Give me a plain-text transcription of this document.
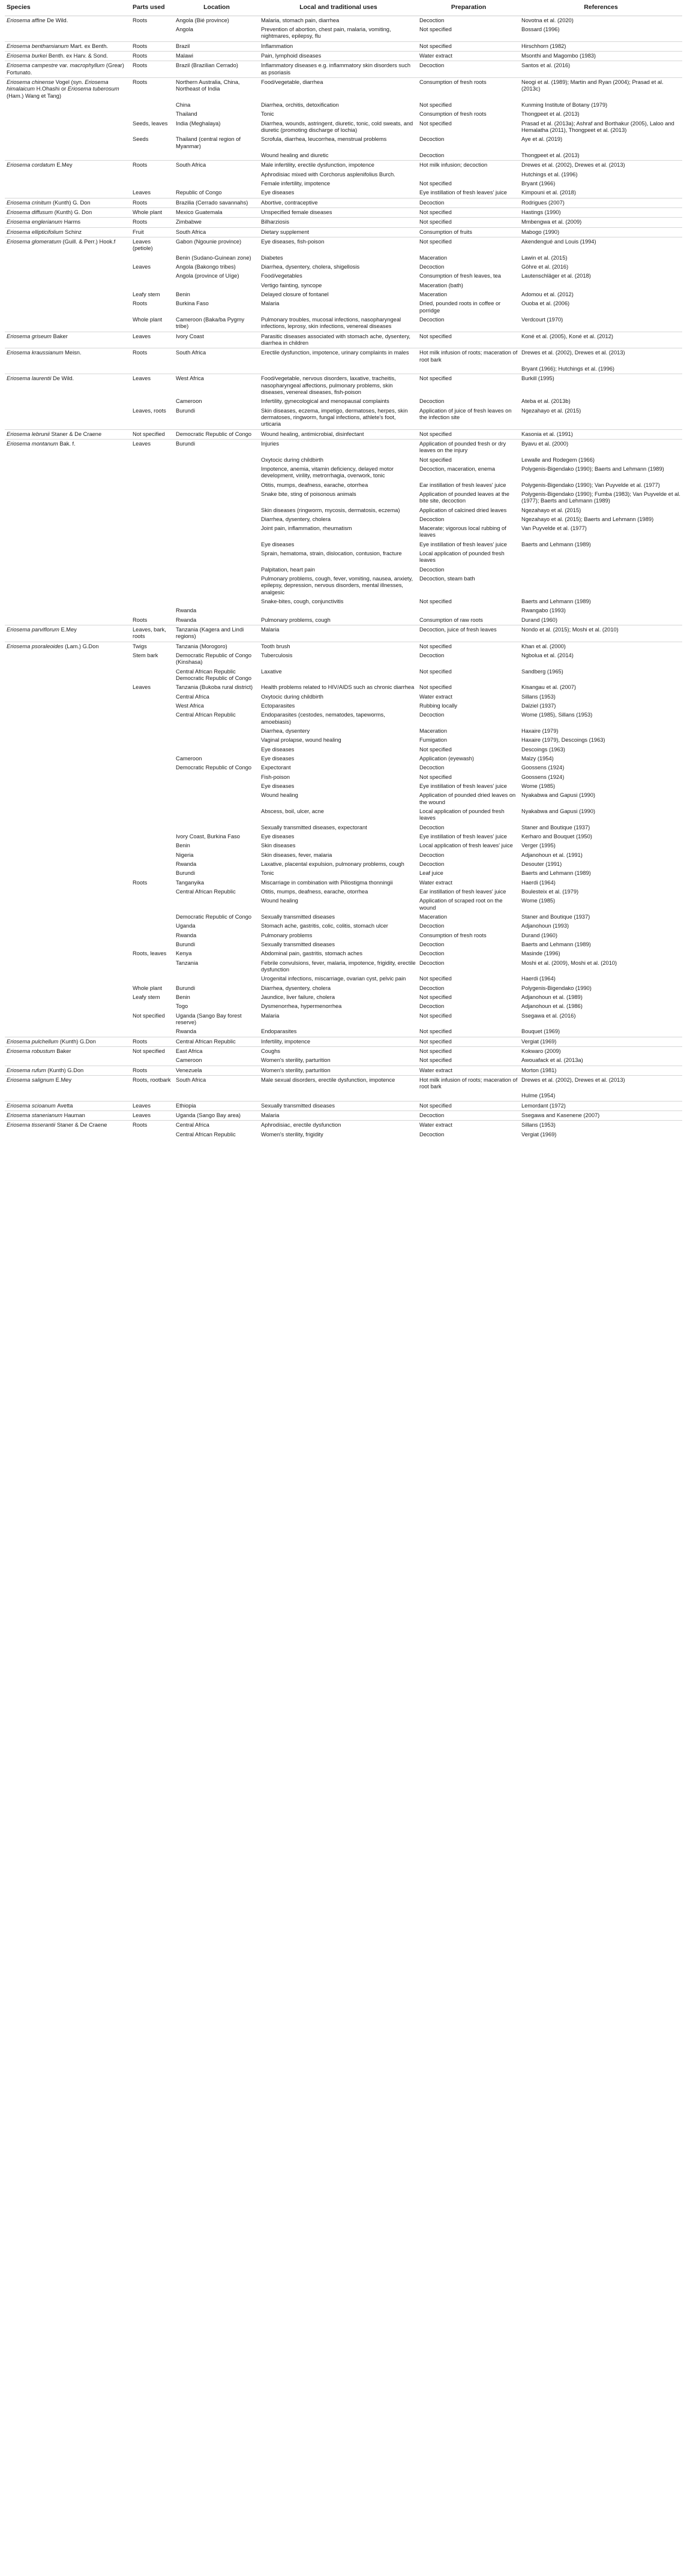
Species	Parts used	Location	Local and traditional uses	Preparation	References
Eriosema affine De Wild.	Roots	Angola (Bié province)	Malaria, stomach pain, diarrhea	Decoction	Novotna et al. (2020)
		Angola	Prevention of abortion, chest pain, malaria, vomiting, nightmares, epilepsy, flu	Not specified	Bossard (1996)
Eriosema benthamianum Mart. ex Benth.	Roots	Brazil	Inflammation	Not specified	Hirschhorn (1982)
Eriosema burkei Benth. ex Harv. & Sond.	Roots	Malawi	Pain, lymphoid diseases	Water extract	Msonthi and Magombo (1983)
Eriosema campestre var. macrophyllum (Grear) Fortunato.	Roots	Brazil (Brazilian Cerrado)	Inflammatory diseases e.g. inflammatory skin disorders such as psoriasis	Decoction	Santos et al. (2016)
Eriosema chinense Vogel (syn. Eriosema himalaicum H.Ohashi or Eriosema tuberosum (Ham.) Wang et Tang)	Roots	Northern Australia, China, Northeast of India	Food/vegetable, diarrhea	Consumption of fresh roots	Neogi et al. (1989); Martin and Ryan (2004); Prasad et al. (2013c)
		China	Diarrhea, orchitis, detoxification	Not specified	Kunming Institute of Botany (1979)
		Thailand	Tonic	Consumption of fresh roots	Thongpeet et al. (2013)
	Seeds, leaves	India (Meghalaya)	Diarrhea, wounds, astringent, diuretic, tonic, cold sweats, and diuretic (promoting discharge of lochia)	Not specified	Prasad et al. (2013a); Ashraf and Borthakur (2005), Laloo and Hemalatha (2011), Thongpeet et al. (2013)
	Seeds	Thailand (central region of Myanmar)	Scrofula, diarrhea, leucorrhea, menstrual problems	Decoction	Aye et al. (2019)
			Wound healing and diuretic	Decoction	Thongpeet et al. (2013)
Eriosema cordatum E.Mey	Roots	South Africa	Male infertility, erectile dysfunction, impotence	Hot milk infusion; decoction	Drewes et al. (2002), Drewes et al. (2013)
			Aphrodisiac mixed with Corchorus asplenifolius Burch.		Hutchings et al. (1996)
			Female infertility, impotence	Not specified	Bryant (1966)
	Leaves	Republic of Congo	Eye diseases	Eye instillation of fresh leaves' juice	Kimpouni et al. (2018)
Eriosema crinitum (Kunth) G. Don	Roots	Brazilia (Cerrado savannahs)	Abortive, contraceptive	Decoction	Rodrigues (2007)
Eriosema diffusum (Kunth) G. Don	Whole plant	Mexico Guatemala	Unspecified female diseases	Not specified	Hastings (1990)
Eriosema englerianum Harms	Roots	Zimbabwe	Bilharziosis	Not specified	Mmbengwa et al. (2009)
Eriosema ellipticifolium Schinz	Fruit	South Africa	Dietary supplement	Consumption of fruits	Mabogo (1990)
Eriosema glomeratum (Guill. & Perr.) Hook.f	Leaves (petiole)	Gabon (Ngounie province)	Eye diseases, fish-poison	Not specified	Akendengué and Louis (1994)
		Benin (Sudano-Guinean zone)	Diabetes	Maceration	Lawin et al. (2015)
	Leaves	Angola (Bakongo tribes)	Diarrhea, dysentery, cholera, shigellosis	Decoction	Göhre et al. (2016)
		Angola (province of Uíge)	Food/vegetables	Consumption of fresh leaves, tea	Lautenschläger et al. (2018)
			Vertigo fainting, syncope	Maceration (bath)	
	Leafy stem	Benin	Delayed closure of fontanel	Maceration	Adomou et al. (2012)
	Roots	Burkina Faso	Malaria	Dried, pounded roots in coffee or porridge	Ouoba et al. (2006)
	Whole plant	Cameroon (Baka/ba Pygmy tribe)	Pulmonary troubles, mucosal infections, nasopharyngeal infections, leprosy, skin infections, venereal diseases	Decoction	Verdcourt (1970)
Eriosema griseum Baker	Leaves	Ivory Coast	Parasitic diseases associated with stomach ache, dysentery, diarrhea in children	Not specified	Koné et al. (2005), Koné et al. (2012)
Eriosema kraussianum Meisn.	Roots	South Africa	Erectile dysfunction, impotence, urinary complaints in males	Hot milk infusion of roots; maceration of root bark	Drewes et al. (2002), Drewes et al. (2013)
					Bryant (1966); Hutchings et al. (1996)
Eriosema laurentii De Wild.	Leaves	West Africa	Food/vegetable, nervous disorders, laxative, tracheitis, nasopharyngeal affections, pulmonary problems, skin diseases, venereal diseases, fish-poison	Not specified	Burkill (1995)
		Cameroon	Infertility, gynecological and menopausal complaints	Decoction	Ateba et al. (2013b)
	Leaves, roots	Burundi	Skin diseases, eczema, impetigo, dermatoses, herpes, skin dermatoses, ringworm, fungal infections, athlete's foot, urticaria	Application of juice of fresh leaves on the infection site	Ngezahayo et al. (2015)
Eriosema lebrunii Staner & De Craene	Not specified	Democratic Republic of Congo	Wound healing, antimicrobial, disinfectant	Not specified	Kasonia et al. (1991)
Eriosema montanum Bak. f.	Leaves	Burundi	Injuries	Application of pounded fresh or dry leaves on the injury	Byavu et al. (2000)
			Oxytocic during childbirth	Not specified	Lewalle and Rodegem (1966)
			Impotence, anemia, vitamin deficiency, delayed motor development, virility, metrorrhagia, overwork, tonic	Decoction, maceration, enema	Polygenis-Bigendako (1990); Baerts and Lehmann (1989)
			Otitis, mumps, deafness, earache, otorrhea	Ear instillation of fresh leaves' juice	Polygenis-Bigendako (1990); Van Puyvelde et al. (1977)
			Snake bite, sting of poisonous animals	Application of pounded leaves at the bite site, decoction	Polygenis-Bigendako (1990); Fumba (1983); Van Puyvelde et al. (1977); Baerts and Lehmann (1989)
			Skin diseases (ringworm, mycosis, dermatosis, eczema)	Application of calcined dried leaves	Ngezahayo et al. (2015)
			Diarrhea, dysentery, cholera	Decoction	Ngezahayo et al. (2015); Baerts and Lehmann (1989)
			Joint pain, inflammation, rheumatism	Macerate; vigorous local rubbing of leaves	Van Puyvelde et al. (1977)
			Eye diseases	Eye instillation of fresh leaves' juice	Baerts and Lehmann (1989)
			Sprain, hematoma, strain, dislocation, contusion, fracture	Local application of pounded fresh leaves	
			Palpitation, heart pain	Decoction	
			Pulmonary problems, cough, fever, vomiting, nausea, anxiety, epilepsy, depression, nervous disorders, mental illnesses, analgesic	Decoction, steam bath	
			Snake-bites, cough, conjunctivitis	Not specified	Baerts and Lehmann (1989)
		Rwanda			Rwangabo (1993)
	Roots	Rwanda	Pulmonary problems, cough	Consumption of raw roots	Durand (1960)
Eriosema parviflorum E.Mey	Leaves, bark, roots	Tanzania (Kagera and Lindi regions)	Malaria	Decoction, juice of fresh leaves	Nondo et al. (2015); Moshi et al. (2010)
Eriosema psoraleoides (Lam.) G.Don	Twigs	Tanzania (Morogoro)	Tooth brush	Not specified	Khan et al. (2000)
	Stem bark	Democratic Republic of Congo (Kinshasa)	Tuberculosis	Decoction	Ngbolua et al. (2014)
		Central African Republic Democratic Republic of Congo	Laxative	Not specified	Sandberg (1965)
	Leaves	Tanzania (Bukoba rural district)	Health problems related to HIV/AIDS such as chronic diarrhea	Not specified	Kisangau et al. (2007)
		Central Africa	Oxytocic during childbirth	Water extract	Sillans (1953)
		West Africa	Ectoparasites	Rubbing locally	Dalziel (1937)
		Central African Republic	Endoparasites (cestodes, nematodes, tapeworms, amoebiasis)	Decoction	Wome (1985), Sillans (1953)
			Diarrhea, dysentery	Maceration	Haxaire (1979)
			Vaginal prolapse, wound healing	Fumigation	Haxaire (1979), Descoings (1963)
			Eye diseases	Not specified	Descoings (1963)
		Cameroon	Eye diseases	Application (eyewash)	Malzy (1954)
		Democratic Republic of Congo	Expectorant	Decoction	Goossens (1924)
			Fish-poison	Not specified	Goossens (1924)
			Eye diseases	Eye instillation of fresh leaves' juice	Wome (1985)
			Wound healing	Application of pounded dried leaves on the wound	Nyakabwa and Gapusi (1990)
			Abscess, boil, ulcer, acne	Local application of pounded fresh leaves	Nyakabwa and Gapusi (1990)
			Sexually transmitted diseases, expectorant	Decoction	Staner and Boutique (1937)
		Ivory Coast, Burkina Faso	Eye diseases	Eye instillation of fresh leaves' juice	Kerharo and Bouquet (1950)
		Benin	Skin diseases	Local application of fresh leaves' juice	Verger (1995)
		Nigeria	Skin diseases, fever, malaria	Decoction	Adjanohoun et al. (1991)
		Rwanda	Laxative, placental expulsion, pulmonary problems, cough	Decoction	Desouter (1991)
		Burundi	Tonic	Leaf juice	Baerts and Lehmann (1989)
	Roots	Tanganyika	Miscarriage in combination with Piliostigma thonningii	Water extract	Haerdi (1964)
		Central African Republic	Otitis, mumps, deafness, earache, otorrhea	Ear instillation of fresh leaves' juice	Boulesteix et al. (1979)
			Wound healing	Application of scraped root on the wound	Wome (1985)
		Democratic Republic of Congo	Sexually transmitted diseases	Maceration	Staner and Boutique (1937)
		Uganda	Stomach ache, gastritis, colic, colitis, stomach ulcer	Decoction	Adjanohoun (1993)
		Rwanda	Pulmonary problems	Consumption of fresh roots	Durand (1960)
		Burundi	Sexually transmitted diseases	Decoction	Baerts and Lehmann (1989)
	Roots, leaves	Kenya	Abdominal pain, gastritis, stomach aches	Decoction	Masinde (1996)
		Tanzania	Febrile convulsions, fever, malaria, impotence, frigidity, erectile dysfunction	Decoction	Moshi et al. (2009), Moshi et al. (2010)
			Urogenital infections, miscarriage, ovarian cyst, pelvic pain	Not specified	Haerdi (1964)
	Whole plant	Burundi	Diarrhea, dysentery, cholera	Decoction	Polygenis-Bigendako (1990)
	Leafy stem	Benin	Jaundice, liver failure, cholera	Not specified	Adjanohoun et al. (1989)
		Togo	Dysmenorrhea, hypermenorrhea	Decoction	Adjanohoun et al. (1986)
	Not specified	Uganda (Sango Bay forest reserve)	Malaria	Not specified	Ssegawa et al. (2016)
		Rwanda	Endoparasites	Not specified	Bouquet (1969)
Eriosema pulchellum (Kunth) G.Don	Roots	Central African Republic	Infertility, impotence	Not specified	Vergiat (1969)
Eriosema robustum Baker	Not specified	East Africa	Coughs	Not specified	Kokwaro (2009)
		Cameroon	Women's sterility, parturition	Not specified	Awouafack et al. (2013a)
Eriosema rufum (Kunth) G.Don	Roots	Venezuela	Women's sterility, parturition	Water extract	Morton (1981)
Eriosema salignum E.Mey	Roots, rootbark	South Africa	Male sexual disorders, erectile dysfunction, impotence	Hot milk infusion of roots; maceration of root bark	Drewes et al. (2002), Drewes et al. (2013)
					Hulme (1954)
Eriosema scioanum Avetta	Leaves	Ethiopia	Sexually transmitted diseases	Not specified	Lemordant (1972)
Eriosema stanerianum Hauman	Leaves	Uganda (Sango Bay area)	Malaria	Decoction	Ssegawa and Kasenene (2007)
Eriosema tisserantii Staner & De Craene	Roots	Central Africa	Aphrodisiac, erectile dysfunction	Water extract	Sillans (1953)
		Central African Republic	Women's sterility, frigidity	Decoction	Vergiat (1969)
